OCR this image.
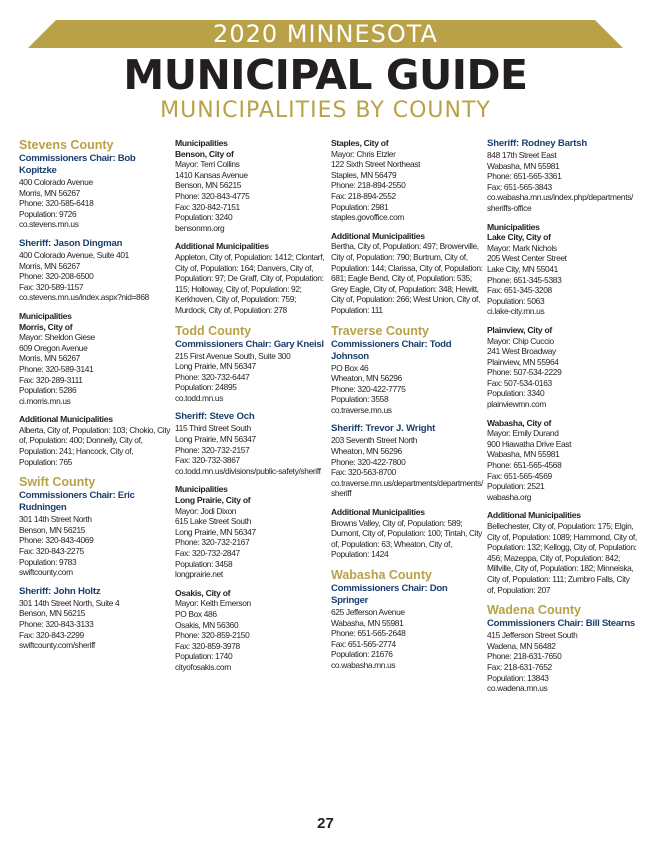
2020 MINNESOTA
MUNICIPAL GUIDE
MUNICIPALITIES BY COUNTY
Stevens County
Commissioners Chair: Bob Kopitzke
400 Colorado Avenue
Morris, MN 56267
Phone: 320-585-6418
Population: 9726
co.stevens.mn.us
Sheriff: Jason Dingman
400 Colorado Avenue, Suite 401
Morris, MN 56267
Phone: 320-208-6500
Fax: 320-589-1157
co.stevens.mn.us/index.aspx?nid=868
Municipalities
Morris, City of
Mayor: Sheldon Giese
609 Oregon Avenue
Morris, MN 56267
Phone: 320-589-3141
Fax: 320-289-3111
Population: 5286
ci.morris.mn.us
Additional Municipalities
Alberta, City of, Population: 103; Chokio, City of, Population: 400; Donnelly, City of, Population: 241; Hancock, City of, Population: 765
Swift County
Commissioners Chair: Eric Rudningen
301 14th Street North
Benson, MN 56215
Phone: 320-843-4069
Fax: 320-843-2275
Population: 9783
swiftcounty.com
Sheriff: John Holtz
301 14th Street North, Suite 4
Benson, MN 56215
Phone: 320-843-3133
Fax: 320-843-2299
swiftcounty.com/sheriff
Municipalities
Benson, City of
Mayor: Terri Collins
1410 Kansas Avenue
Benson, MN 56215
Phone: 320-843-4775
Fax: 320-842-7151
Population: 3240
bensonmn.org
Additional Municipalities
Appleton, City of, Population: 1412; Clontarf, City of, Population: 164; Danvers, City of, Population: 97; De Graff, City of, Population: 115; Holloway, City of, Population: 92; Kerkhoven, City of, Population: 759; Murdock, City of, Population: 278
Todd County
Commissioners Chair: Gary Kneisl
215 First Avenue South, Suite 300
Long Prairie, MN 56347
Phone: 320-732-6447
Population: 24895
co.todd.mn.us
Sheriff: Steve Och
115 Third Street South
Long Prairie, MN 56347
Phone: 320-732-2157
Fax: 320-732-3867
co.todd.mn.us/divisions/public-safety/sheriff
Municipalities
Long Prairie, City of
Mayor: Jodi Dixon
615 Lake Street South
Long Prairie, MN 56347
Phone: 320-732-2167
Fax: 320-732-2847
Population: 3458
longprairie.net
Osakis, City of
Mayor: Keith Emerson
PO Box 486
Osakis, MN 56360
Phone: 320-859-2150
Fax: 320-859-3978
Population: 1740
cityofosakis.com
Staples, City of
Mayor: Chris Etzler
122 Sixth Street Northeast
Staples, MN 56479
Phone: 218-894-2550
Fax: 218-894-2552
Population: 2981
staples.govoffice.com
Additional Municipalities
Bertha, City of, Population: 497; Browerville, City of, Population: 790; Burtrum, City of, Population: 144; Clarissa, City of, Population: 681; Eagle Bend, City of, Population: 535; Grey Eagle, City of, Population: 348; Hewitt, City of, Population: 266; West Union, City of, Population: 111
Traverse County
Commissioners Chair: Todd Johnson
PO Box 46
Wheaton, MN 56296
Phone: 320-422-7775
Population: 3558
co.traverse.mn.us
Sheriff: Trevor J. Wright
203 Seventh Street North
Wheaton, MN 56296
Phone: 320-422-7800
Fax: 320-563-8700
co.traverse.mn.us/departments/departments/
sheriff
Additional Municipalities
Browns Valley, City of, Population: 589; Dumont, City of, Population: 100; Tintah, City of, Population: 63; Wheaton, City of, Population: 1424
Wabasha County
Commissioners Chair: Don Springer
625 Jefferson Avenue
Wabasha, MN 55981
Phone: 651-565-2648
Fax: 651-565-2774
Population: 21676
co.wabasha.mn.us
Sheriff: Rodney Bartsh
848 17th Street East
Wabasha, MN 55981
Phone: 651-565-3361
Fax: 651-565-3843
co.wabasha.mn.us/index.php/departments/
sheriffs-office
Municipalities
Lake City, City of
Mayor: Mark Nichols
205 West Center Street
Lake City, MN 55041
Phone: 651-345-5383
Fax: 651-345-3208
Population: 5063
ci.lake-city.mn.us
Plainview, City of
Mayor: Chip Cuccio
241 West Broadway
Plainview, MN 55964
Phone: 507-534-2229
Fax: 507-534-0163
Population: 3340
plainviewmn.com
Wabasha, City of
Mayor: Emily Durand
900 Hiawatha Drive East
Wabasha, MN 55981
Phone: 651-565-4568
Fax: 651-565-4569
Population: 2521
wabasha.org
Additional Municipalities
Bellechester, City of, Population: 175; Elgin, City of, Population: 1089; Hammond, City of, Population: 132; Kellogg, City of, Population: 456; Mazeppa, City of, Population: 842; Millville, City of, Population: 182; Minneiska, City of, Population: 111; Zumbro Falls, City of, Population: 207
Wadena County
Commissioners Chair: Bill Stearns
415 Jefferson Street South
Wadena, MN 56482
Phone: 218-631-7650
Fax: 218-631-7652
Population: 13843
co.wadena.mn.us
27
